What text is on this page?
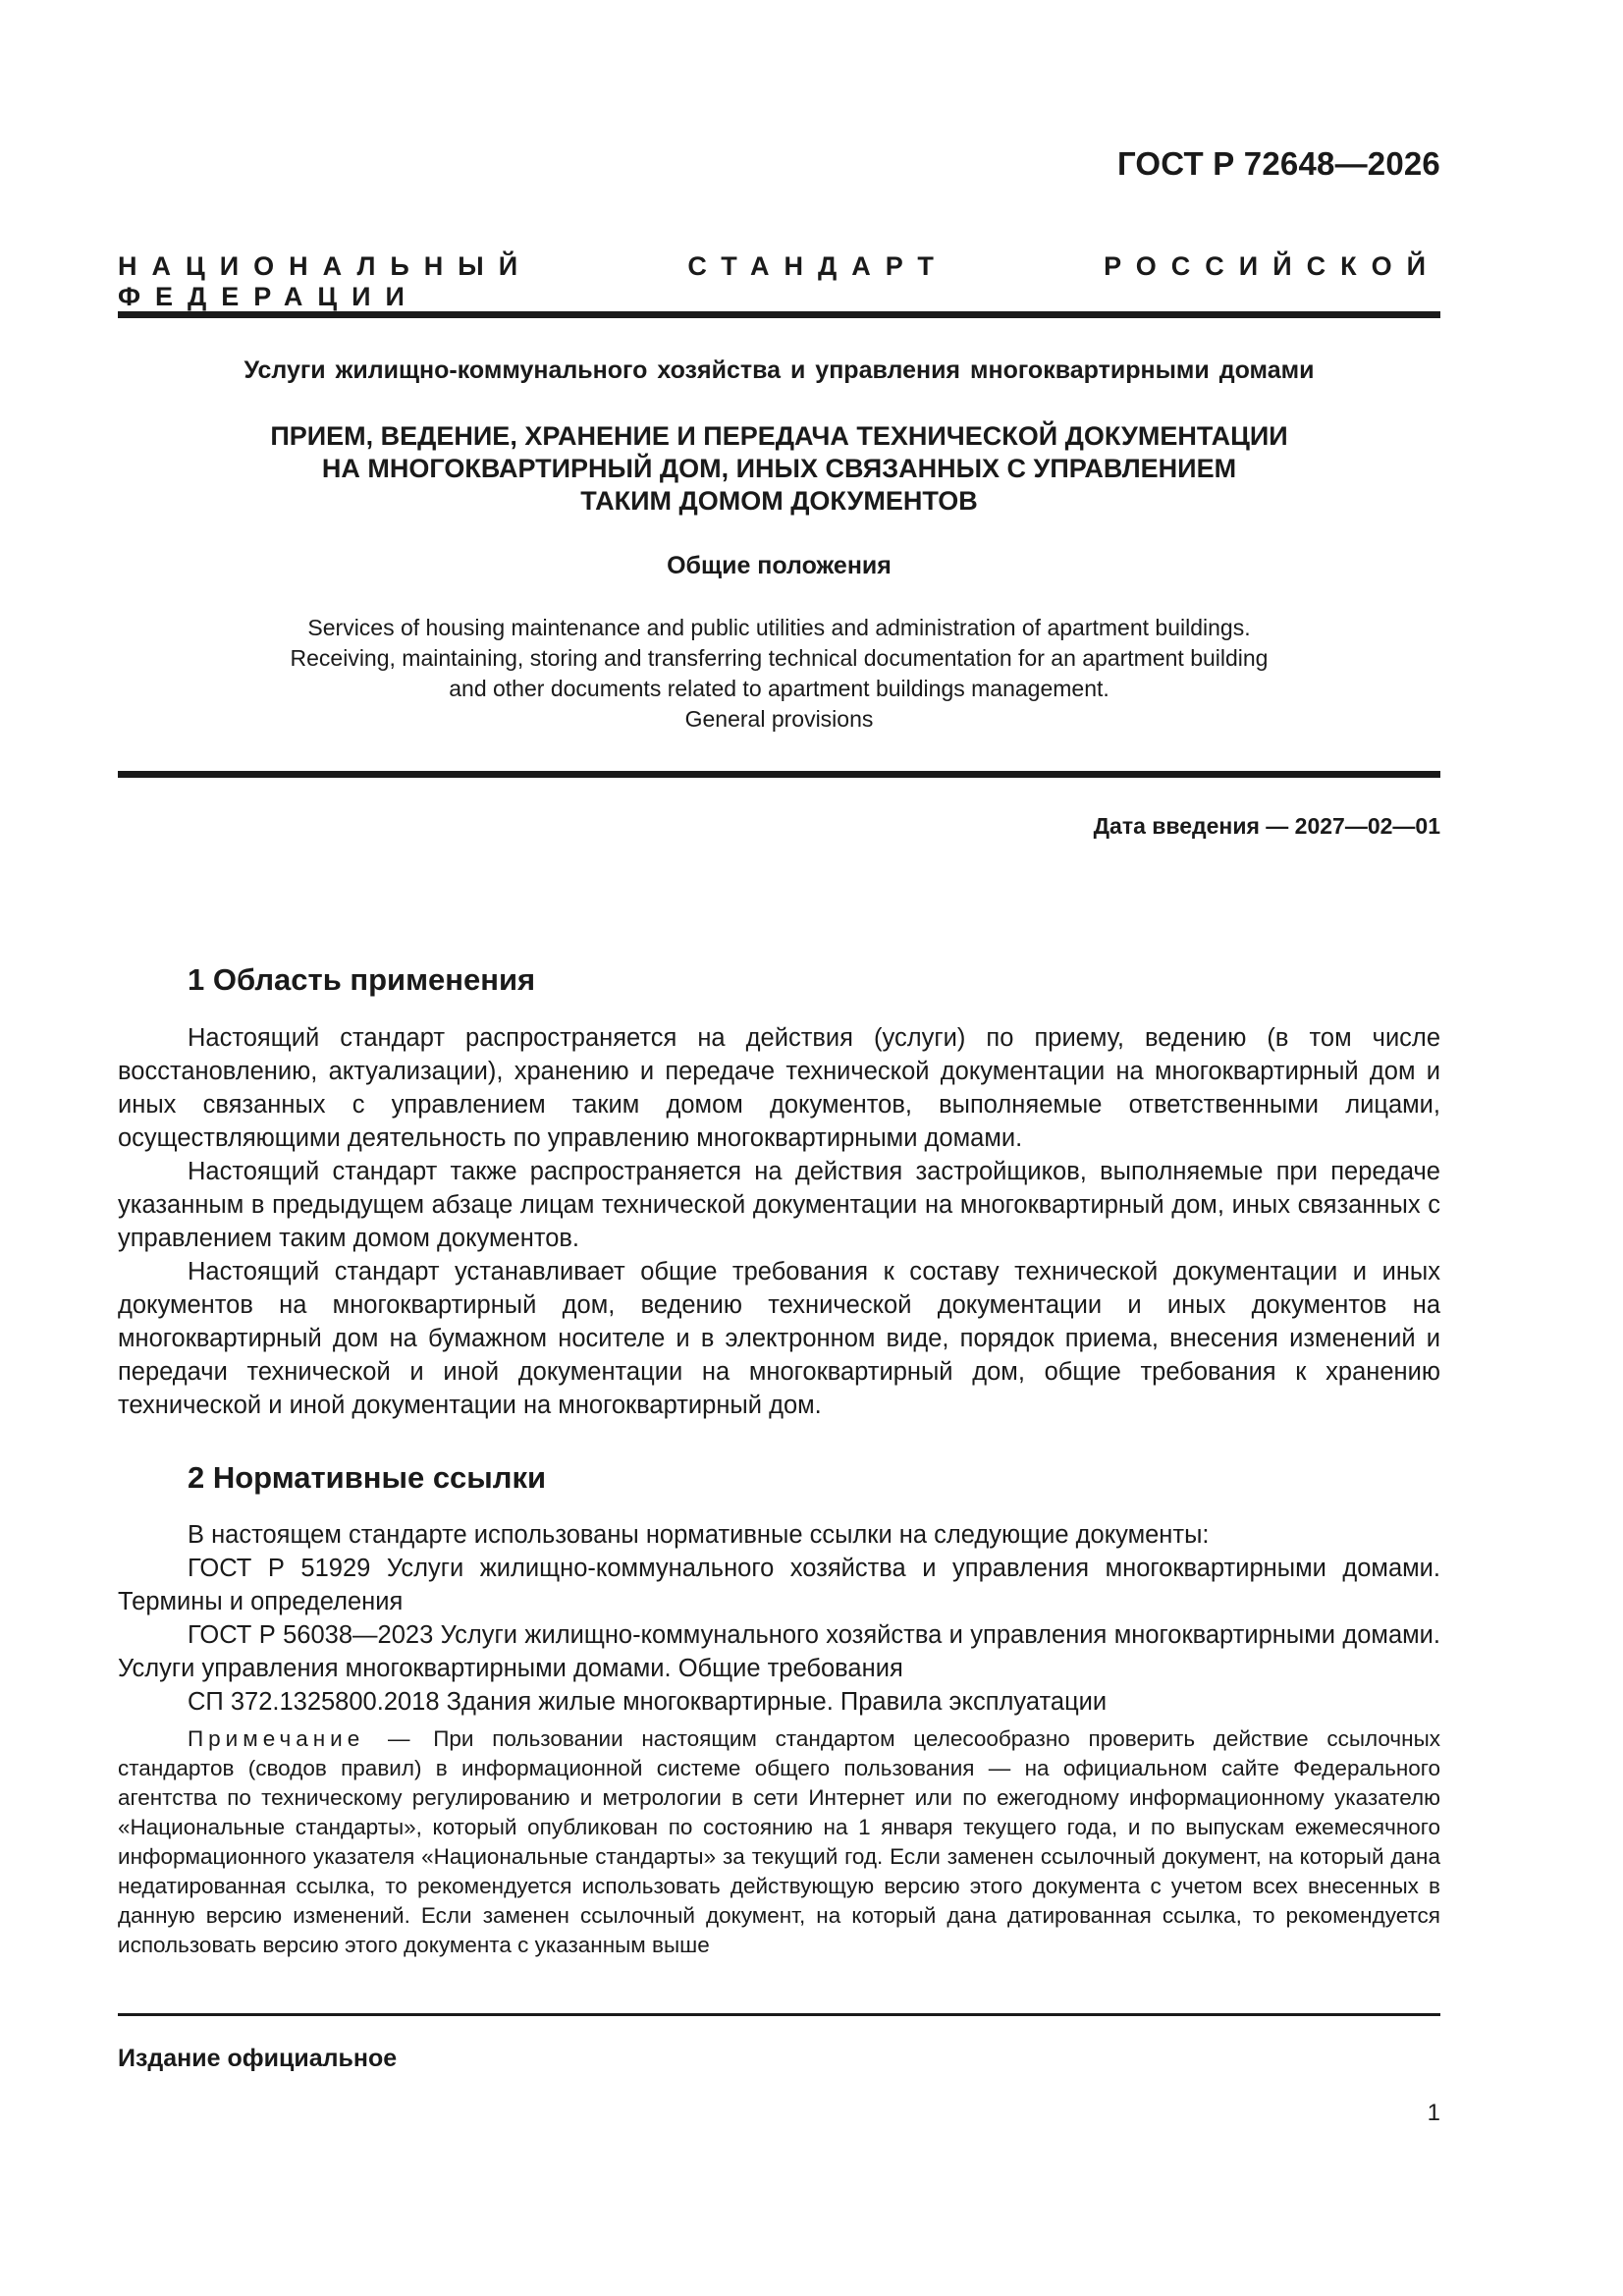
ГОСТ Р 72648—2026
НАЦИОНАЛЬНЫЙ СТАНДАРТ РОССИЙСКОЙ ФЕДЕРАЦИИ
Услуги жилищно-коммунального хозяйства и управления многоквартирными домами
ПРИЕМ, ВЕДЕНИЕ, ХРАНЕНИЕ И ПЕРЕДАЧА ТЕХНИЧЕСКОЙ ДОКУМЕНТАЦИИ
НА МНОГОКВАРТИРНЫЙ ДОМ, ИНЫХ СВЯЗАННЫХ С УПРАВЛЕНИЕМ
ТАКИМ ДОМОМ ДОКУМЕНТОВ
Общие положения
Services of housing maintenance and public utilities and administration of apartment buildings.
Receiving, maintaining, storing and transferring technical documentation for an apartment building
and other documents related to apartment buildings management.
General provisions
Дата введения — 2027—02—01
1 Область применения

Настоящий стандарт распространяется на действия (услуги) по приему, ведению (в том числе восстановлению, актуализации), хранению и передаче технической документации на многоквартирный дом и иных связанных с управлением таким домом документов, выполняемые ответственными лицами, осуществляющими деятельность по управлению многоквартирными домами.

Настоящий стандарт также распространяется на действия застройщиков, выполняемые при передаче указанным в предыдущем абзаце лицам технической документации на многоквартирный дом, иных связанных с управлением таким домом документов.

Настоящий стандарт устанавливает общие требования к составу технической документации и иных документов на многоквартирный дом, ведению технической документации и иных документов на многоквартирный дом на бумажном носителе и в электронном виде, порядок приема, внесения изменений и передачи технической и иной документации на многоквартирный дом, общие требования к хранению технической и иной документации на многоквартирный дом.

2 Нормативные ссылки

В настоящем стандарте использованы нормативные ссылки на следующие документы:

ГОСТ Р 51929 Услуги жилищно-коммунального хозяйства и управления многоквартирными домами. Термины и определения

ГОСТ Р 56038—2023 Услуги жилищно-коммунального хозяйства и управления многоквартирными домами. Услуги управления многоквартирными домами. Общие требования

СП 372.1325800.2018 Здания жилые многоквартирные. Правила эксплуатации

Примечание — При пользовании настоящим стандартом целесообразно проверить действие ссылочных стандартов (сводов правил) в информационной системе общего пользования — на официальном сайте Федерального агентства по техническому регулированию и метрологии в сети Интернет или по ежегодному информационному указателю «Национальные стандарты», который опубликован по состоянию на 1 января текущего года, и по выпускам ежемесячного информационного указателя «Национальные стандарты» за текущий год. Если заменен ссылочный документ, на который дана недатированная ссылка, то рекомендуется использовать действующую версию этого документа с учетом всех внесенных в данную версию изменений. Если заменен ссылочный документ, на который дана датированная ссылка, то рекомендуется использовать версию этого документа с указанным выше
Издание официальное
1
